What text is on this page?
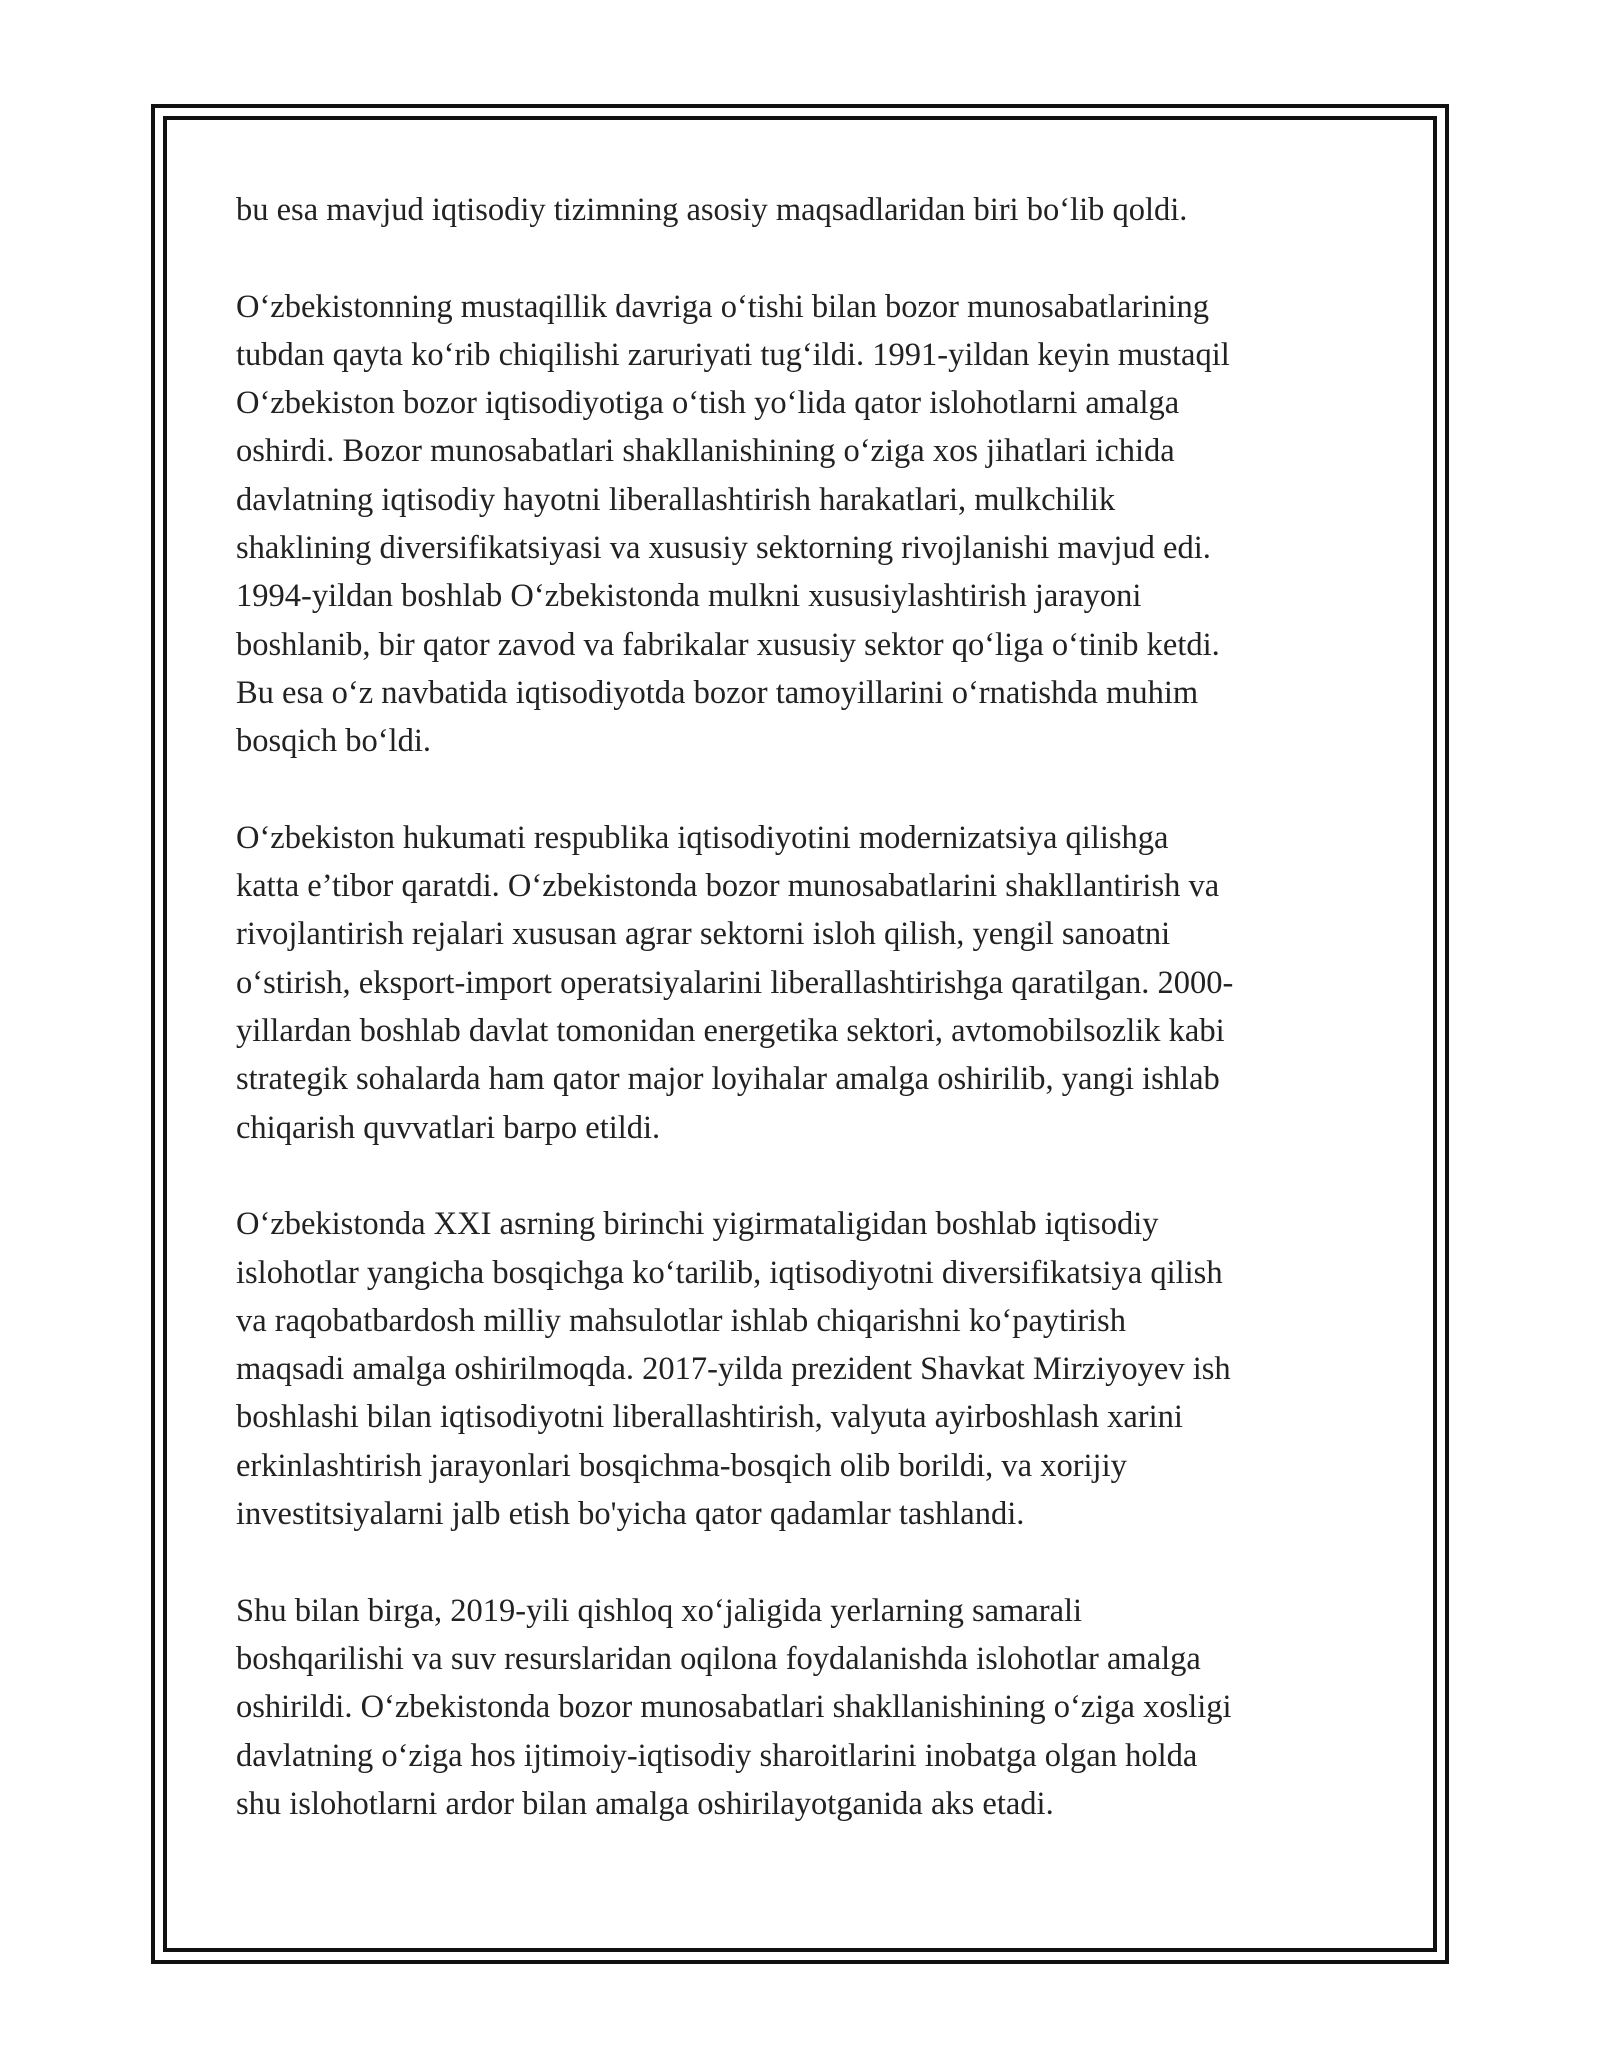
bu esa mavjud iqtisodiy tizimning asosiy maqsadlaridan biri bo‘lib qoldi.

O‘zbekistonning mustaqillik davriga o‘tishi bilan bozor munosabatlarining
tubdan qayta ko‘rib chiqilishi zaruriyati tug‘ildi. 1991-yildan keyin mustaqil
O‘zbekiston bozor iqtisodiyotiga o‘tish yo‘lida qator islohotlarni amalga
oshirdi. Bozor munosabatlari shakllanishining o‘ziga xos jihatlari ichida
davlatning iqtisodiy hayotni liberallashtirish harakatlari, mulkchilik
shaklining diversifikatsiyasi va xususiy sektorning rivojlanishi mavjud edi.
1994-yildan boshlab O‘zbekistonda mulkni xususiylashtirish jarayoni
boshlanib, bir qator zavod va fabrikalar xususiy sektor qo‘liga o‘tinib ketdi.
Bu esa o‘z navbatida iqtisodiyotda bozor tamoyillarini o‘rnatishda muhim
bosqich bo‘ldi.

O‘zbekiston hukumati respublika iqtisodiyotini modernizatsiya qilishga
katta e’tibor qaratdi. O‘zbekistonda bozor munosabatlarini shakllantirish va
rivojlantirish rejalari xususan agrar sektorni isloh qilish, yengil sanoatni
o‘stirish, eksport-import operatsiyalarini liberallashtirishga qaratilgan. 2000-
yillardan boshlab davlat tomonidan energetika sektori, avtomobilsozlik kabi
strategik sohalarda ham qator major loyihalar amalga oshirilib, yangi ishlab
chiqarish quvvatlari barpo etildi.

O‘zbekistonda XXI asrning birinchi yigirmataligidan boshlab iqtisodiy
islohotlar yangicha bosqichga ko‘tarilib, iqtisodiyotni diversifikatsiya qilish
va raqobatbardosh milliy mahsulotlar ishlab chiqarishni ko‘paytirish
maqsadi amalga oshirilmoqda. 2017-yilda prezident Shavkat Mirziyoyev ish
boshlashi bilan iqtisodiyotni liberallashtirish, valyuta ayirboshlash xarini
erkinlashtirish jarayonlari bosqichma-bosqich olib borildi, va xorijiy
investitsiyalarni jalb etish bo'yicha qator qadamlar tashlandi.

Shu bilan birga, 2019-yili qishloq xo‘jaligida yerlarning samarali
boshqarilishi va suv resurslaridan oqilona foydalanishda islohotlar amalga
oshirildi. O‘zbekistonda bozor munosabatlari shakllanishining o‘ziga xosligi
davlatning o‘ziga hos ijtimoiy-iqtisodiy sharoitlarini inobatga olgan holda
shu islohotlarni ardor bilan amalga oshirilayotganida aks etadi.
